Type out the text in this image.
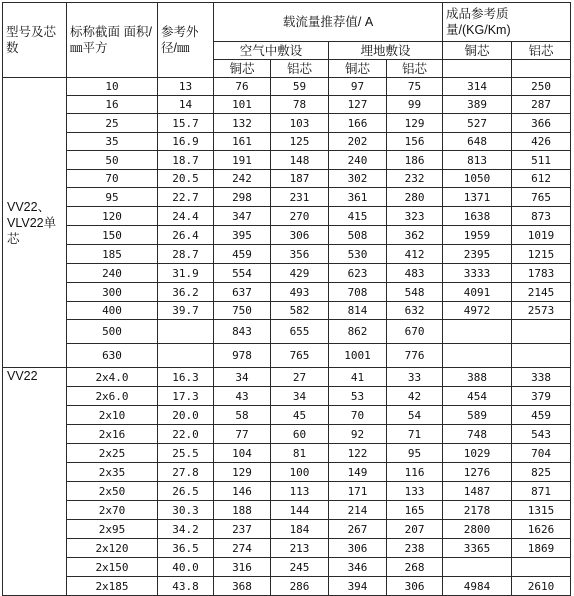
型号及芯数	标称截面 面积/㎜平方	参考外径/㎜	载流量推荐值/ A				成品参考质量/(KG/Km)	
			空气中敷设		埋地敷设		铜芯	铝芯
			铜芯	铝芯	铜芯	铝芯		
VV22、VLV22单芯	10	13	76	59	97	75	314	250
	16	14	101	78	127	99	389	287
	25	15.7	132	103	166	129	527	366
	35	16.9	161	125	202	156	648	426
	50	18.7	191	148	240	186	813	511
	70	20.5	242	187	302	232	1050	612
	95	22.7	298	231	361	280	1371	765
	120	24.4	347	270	415	323	1638	873
	150	26.4	395	306	508	362	1959	1019
	185	28.7	459	356	530	412	2395	1215
	240	31.9	554	429	623	483	3333	1783
	300	36.2	637	493	708	548	4091	2145
	400	39.7	750	582	814	632	4972	2573
	500		843	655	862	670		
	630		978	765	1001	776		
VV22	2x4.0	16.3	34	27	41	33	388	338
	2x6.0	17.3	43	34	53	42	454	379
	2x10	20.0	58	45	70	54	589	459
	2x16	22.0	77	60	92	71	748	543
	2x25	25.5	104	81	122	95	1029	704
	2x35	27.8	129	100	149	116	1276	825
	2x50	26.5	146	113	171	133	1487	871
	2x70	30.3	188	144	214	165	2178	1315
	2x95	34.2	237	184	267	207	2800	1626
	2x120	36.5	274	213	306	238	3365	1869
	2x150	40.0	316	245	346	268		
	2x185	43.8	368	286	394	306	4984	2610
